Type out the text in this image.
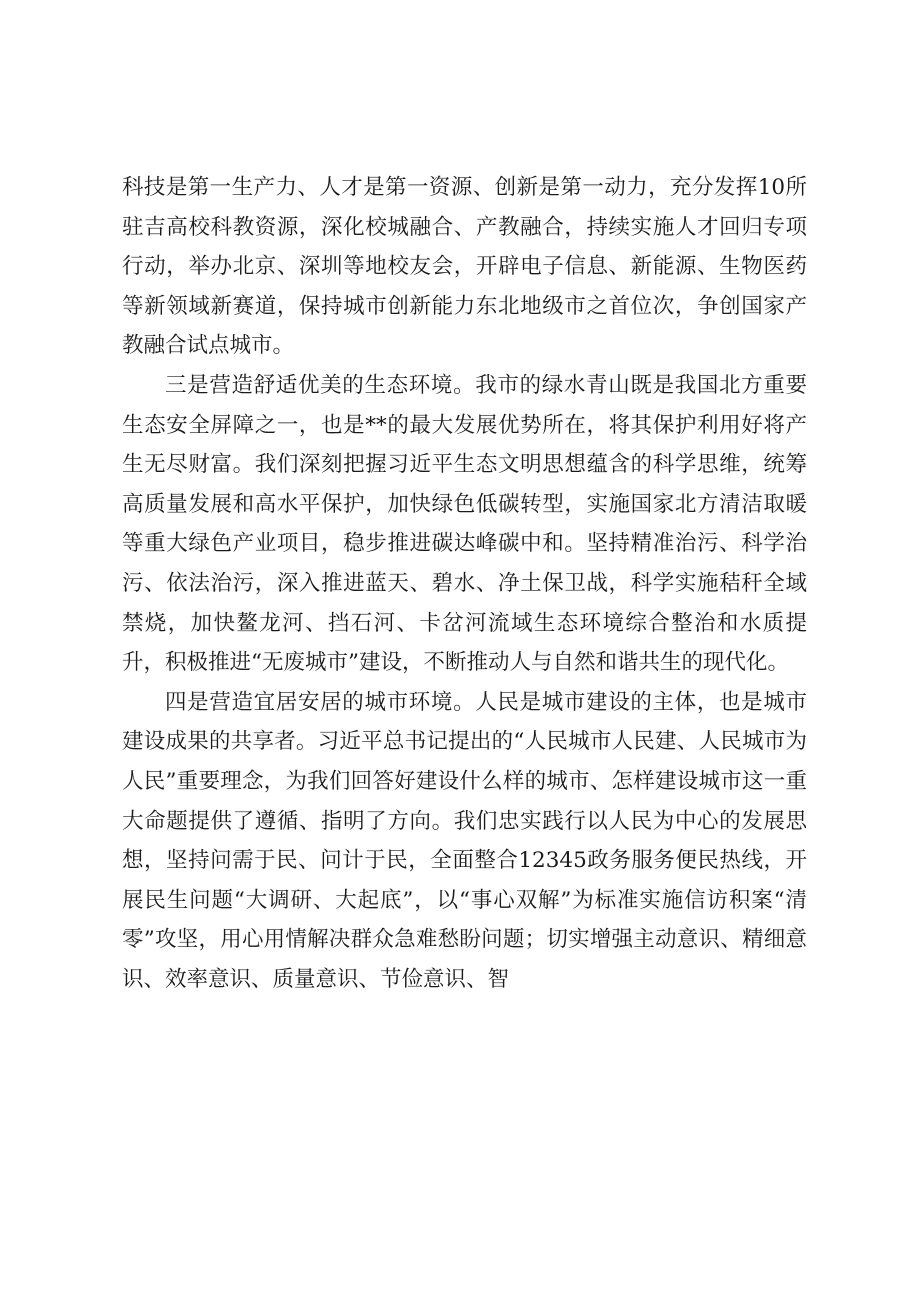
科技是第一生产力、人才是第一资源、创新是第一动力，充分发挥10所驻吉高校科教资源，深化校城融合、产教融合，持续实施人才回归专项行动，举办北京、深圳等地校友会，开辟电子信息、新能源、生物医药等新领域新赛道，保持城市创新能力东北地级市之首位次，争创国家产教融合试点城市。

三是营造舒适优美的生态环境。我市的绿水青山既是我国北方重要生态安全屏障之一，也是**的最大发展优势所在，将其保护利用好将产生无尽财富。我们深刻把握习近平生态文明思想蕴含的科学思维，统筹高质量发展和高水平保护，加快绿色低碳转型，实施国家北方清洁取暖等重大绿色产业项目，稳步推进碳达峰碳中和。坚持精准治污、科学治污、依法治污，深入推进蓝天、碧水、净土保卫战，科学实施秸秆全域禁烧，加快鳌龙河、挡石河、卡岔河流域生态环境综合整治和水质提升，积极推进“无废城市”建设，不断推动人与自然和谐共生的现代化。

四是营造宜居安居的城市环境。人民是城市建设的主体，也是城市建设成果的共享者。习近平总书记提出的“人民城市人民建、人民城市为人民”重要理念，为我们回答好建设什么样的城市、怎样建设城市这一重大命题提供了遵循、指明了方向。我们忠实践行以人民为中心的发展思想，坚持问需于民、问计于民，全面整合12345政务服务便民热线，开展民生问题“大调研、大起底”，以“事心双解”为标准实施信访积案“清零”攻坚，用心用情解决群众急难愁盼问题；切实增强主动意识、精细意识、效率意识、质量意识、节俭意识、智
